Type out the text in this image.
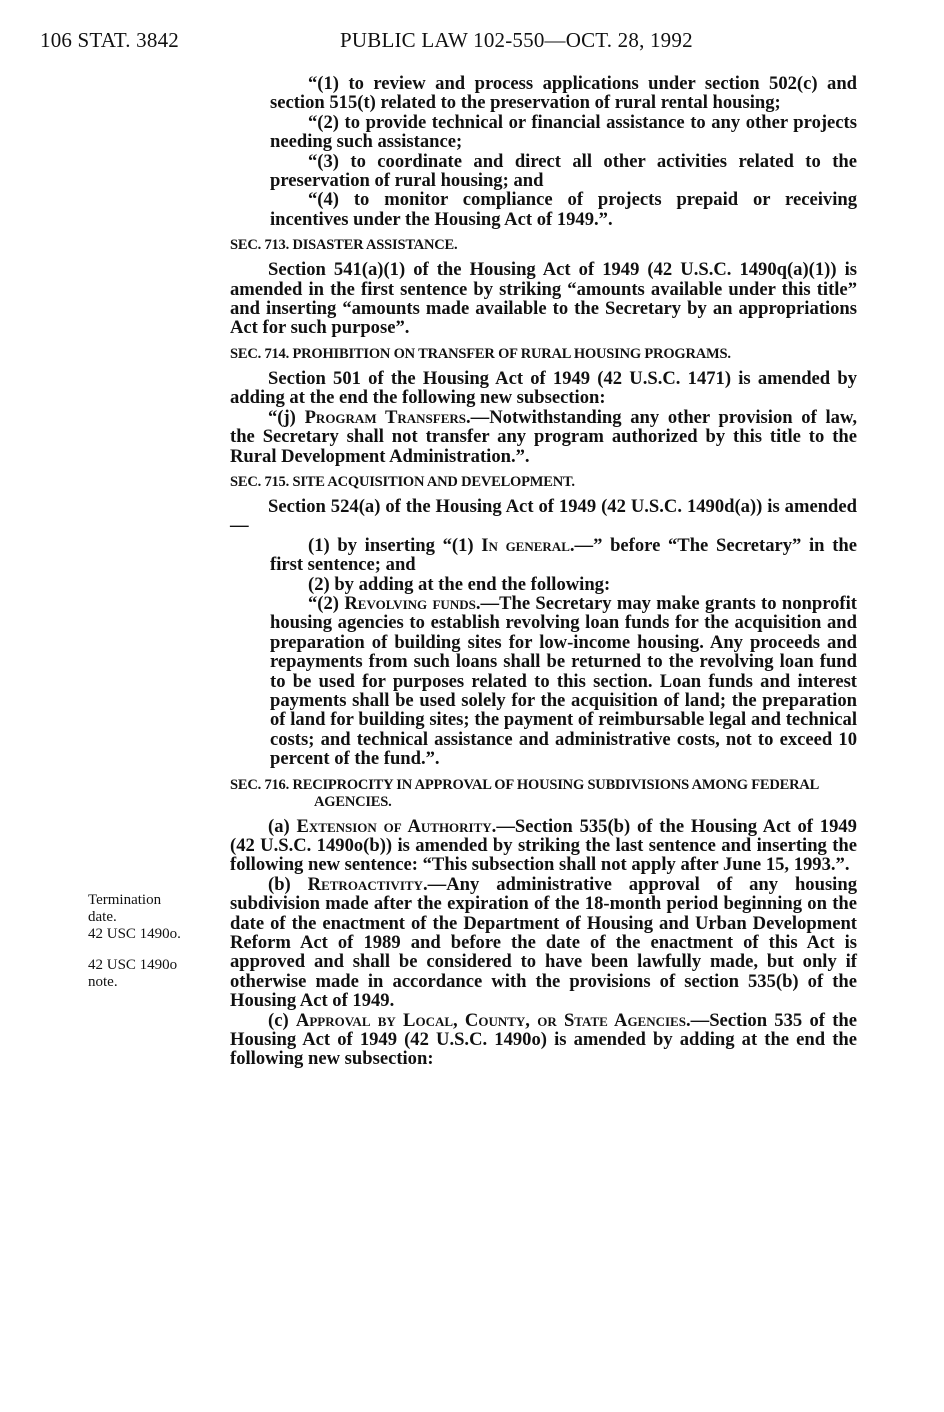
106 STAT. 3842	PUBLIC LAW 102-550—OCT. 28, 1992
Termination
date.
42 USC 1490o.
42 USC 1490o
note.

“(1) to review and process applications under section 502(c) and section 515(t) related to the preservation of rural rental housing;

“(2) to provide technical or financial assistance to any other projects needing such assistance;

“(3) to coordinate and direct all other activities related to the preservation of rural housing; and

“(4) to monitor compliance of projects prepaid or receiving incentives under the Housing Act of 1949.”.

SEC. 713. DISASTER ASSISTANCE.

Section 541(a)(1) of the Housing Act of 1949 (42 U.S.C. 1490q(a)(1)) is amended in the first sentence by striking “amounts available under this title” and inserting “amounts made available to the Secretary by an appropriations Act for such purpose”.

SEC. 714. PROHIBITION ON TRANSFER OF RURAL HOUSING PROGRAMS.

Section 501 of the Housing Act of 1949 (42 U.S.C. 1471) is amended by adding at the end the following new subsection:

“(j) Program Transfers.—Notwithstanding any other provision of law, the Secretary shall not transfer any program authorized by this title to the Rural Development Administration.”.

SEC. 715. SITE ACQUISITION AND DEVELOPMENT.

Section 524(a) of the Housing Act of 1949 (42 U.S.C. 1490d(a)) is amended—

(1) by inserting “(1) In general.—” before “The Secretary” in the first sentence; and

(2) by adding at the end the following:

“(2) Revolving funds.—The Secretary may make grants to nonprofit housing agencies to establish revolving loan funds for the acquisition and preparation of building sites for low-income housing. Any proceeds and repayments from such loans shall be returned to the revolving loan fund to be used for purposes related to this section. Loan funds and interest payments shall be used solely for the acquisition of land; the preparation of land for building sites; the payment of reimbursable legal and technical costs; and technical assistance and administrative costs, not to exceed 10 percent of the fund.”.

SEC. 716. RECIPROCITY IN APPROVAL OF HOUSING SUBDIVISIONS AMONG FEDERAL AGENCIES.

(a) Extension of Authority.—Section 535(b) of the Housing Act of 1949 (42 U.S.C. 1490o(b)) is amended by striking the last sentence and inserting the following new sentence: “This subsection shall not apply after June 15, 1993.”.

(b) Retroactivity.—Any administrative approval of any housing subdivision made after the expiration of the 18-month period beginning on the date of the enactment of the Department of Housing and Urban Development Reform Act of 1989 and before the date of the enactment of this Act is approved and shall be considered to have been lawfully made, but only if otherwise made in accordance with the provisions of section 535(b) of the Housing Act of 1949.

(c) Approval by Local, County, or State Agencies.—Section 535 of the Housing Act of 1949 (42 U.S.C. 1490o) is amended by adding at the end the following new subsection:
